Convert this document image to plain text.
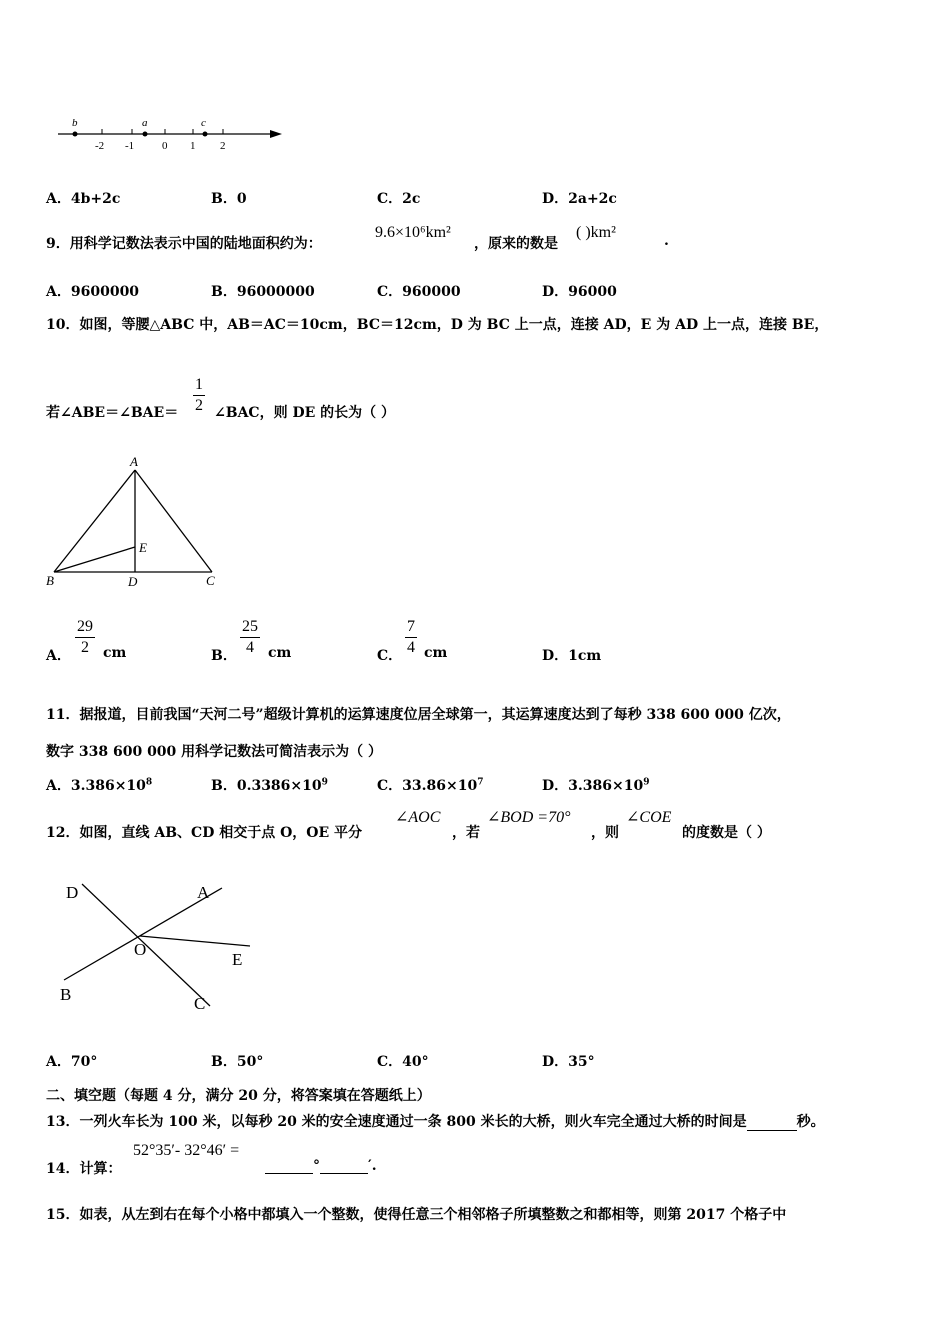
b	a	c
-2 -1	0 1 2
A．4b+2c	B．0	C．2c	D．2a+2c
9．用科学记数法表示中国的陆地面积约为：
9.6×10⁶km²
，原来的数是
( )km²	.
A．9600000	B．96000000	C．960000	D．96000
10．如图，等腰△ABC 中，AB＝AC＝10cm，BC＝12cm，D 为 BC 上一点，连接 AD，E 为 AD 上一点，连接 BE，
若∠ABE＝∠BAE＝
1
2 ∠BAC，则 DE 的长为（ ）
A
B	C
D
E
A．
29
2	cm	B．
25
4	cm	C．
7
4 cm	D．1cm
11．据报道，目前我国“天河二号”超级计算机的运算速度位居全球第一，其运算速度达到了每秒 338 600 000 亿次，
数字 338 600 000 用科学记数法可简洁表示为（ ）
A．$3.386\times 10^8$	B．$0.3386\times 10^9$	C．$33.86\times 10^7$	D．$3.386\times 10^9$
12．如图，直线 AB、CD 相交于点 O，OE 平分
∠AOC
，若
∠BOD =70°
，则
∠COE
的度数是（ ）
D	A
O
E
B	C
A．70°	B．50°	C．40°	D．35°
二、填空题（每题 4 分，满分 20 分，将答案填在答题纸上）
13．一列火车长为 100 米，以每秒 20 米的安全速度通过一条 800 米长的大桥，则火车完全通过大桥的时间是	秒。
14．计算：
52°35′- 32°46′ =
°	′.
15．如表，从左到右在每个小格中都填入一个整数，使得任意三个相邻格子所填整数之和都相等，则第 2017 个格子中
